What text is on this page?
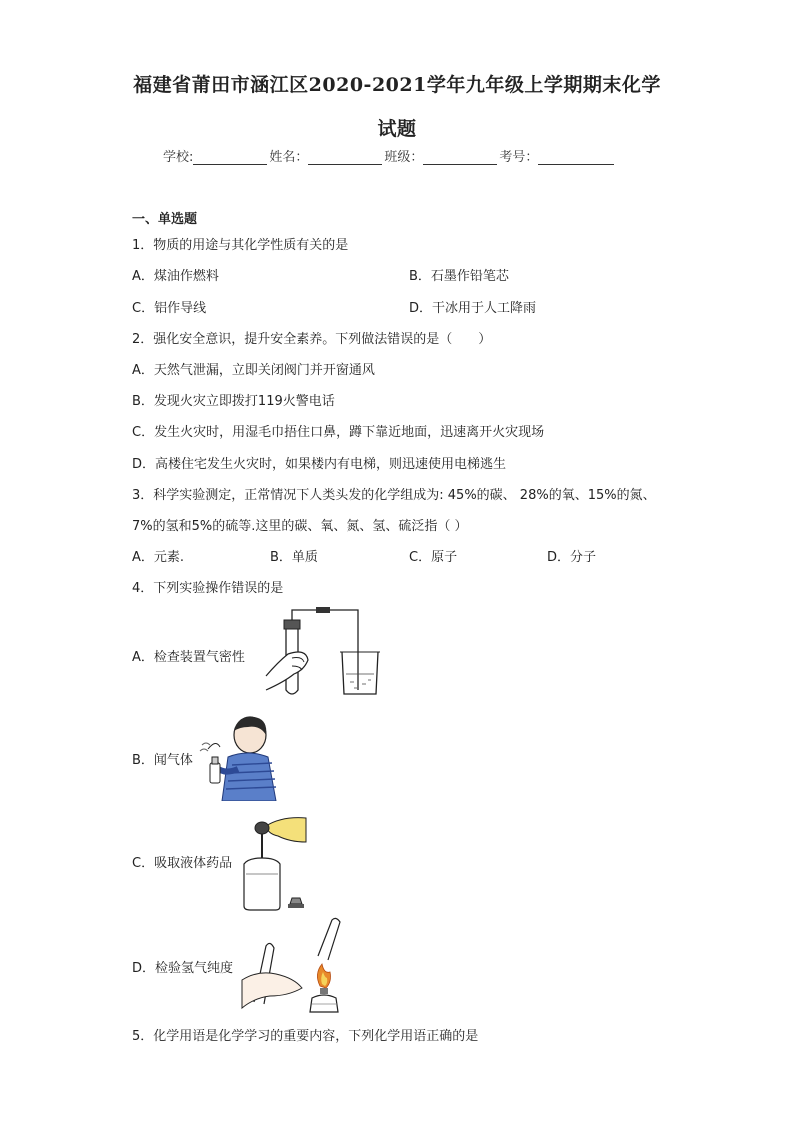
福建省莆田市涵江区2020-2021学年九年级上学期期末化学
试题
学校:	姓名：	班级：	考号：
一、单选题
1．物质的用途与其化学性质有关的是
A．煤油作燃料	B．石墨作铅笔芯
C．铝作导线	D．干冰用于人工降雨
2．强化安全意识，提升安全素养。下列做法错误的是（　　）
A．天然气泄漏，立即关闭阀门并开窗通风
B．发现火灾立即拨打119火警电话
C．发生火灾时，用湿毛巾捂住口鼻，蹲下靠近地面，迅速离开火灾现场
D．高楼住宅发生火灾时，如果楼内有电梯，则迅速使用电梯逃生
3．科学实验测定，正常情况下人类头发的化学组成为: 45%的碳、 28%的氧、15%的氮、
7%的氢和5%的硫等.这里的碳、氧、氮、氢、硫泛指（ ）
A．元素.	B．单质	C．原子	D．分子
4．下列实验操作错误的是
A．检查装置气密性
B．闻气体
C．吸取液体药品
D．检验氢气纯度
5．化学用语是化学学习的重要内容，下列化学用语正确的是
